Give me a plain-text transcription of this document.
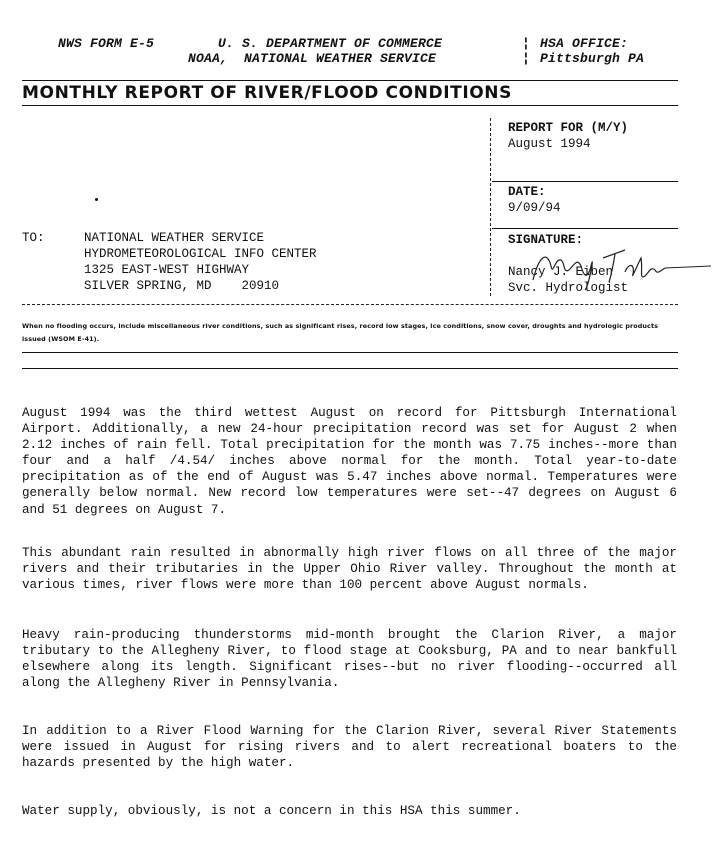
NWS FORM E-5	U. S. DEPARTMENT OF COMMERCE
NOAA,  NATIONAL WEATHER SERVICE
¦
¦
HSA OFFICE:
Pittsburgh PA
MONTHLY REPORT OF RIVER/FLOOD CONDITIONS
REPORT FOR (M/Y)
August 1994
DATE:
9/09/94
TO:	NATIONAL WEATHER SERVICE
HYDROMETEOROLOGICAL INFO CENTER
1325 EAST-WEST HIGHWAY
SILVER SPRING, MD    20910
SIGNATURE:
Nancy J. Eiben
Svc. Hydrologist
When no flooding occurs, include miscellaneous river conditions, such as significant rises, record low stages, ice conditions, snow cover, droughts and hydrologic products issued (WSOM E-41).
August 1994 was the third wettest August on record for Pittsburgh International Airport. Additionally, a new 24-hour precipitation record was set for August 2 when 2.12 inches of rain fell. Total precipitation for the month was 7.75 inches--more than four and a half /4.54/ inches above normal for the month. Total year-to-date precipitation as of the end of August was 5.47 inches above normal. Temperatures were generally below normal. New record low temperatures were set--47 degrees on August 6 and 51 degrees on August 7.
This abundant rain resulted in abnormally high river flows on all three of the major rivers and their tributaries in the Upper Ohio River valley. Throughout the month at various times, river flows were more than 100 percent above August normals.
Heavy rain-producing thunderstorms mid-month brought the Clarion River, a major tributary to the Allegheny River, to flood stage at Cooksburg, PA and to near bankfull elsewhere along its length. Significant rises--but no river flooding--occurred all along the Allegheny River in Pennsylvania.
In addition to a River Flood Warning for the Clarion River, several River Statements were issued in August for rising rivers and to alert recreational boaters to the hazards presented by the high water.
Water supply, obviously, is not a concern in this HSA this summer.
